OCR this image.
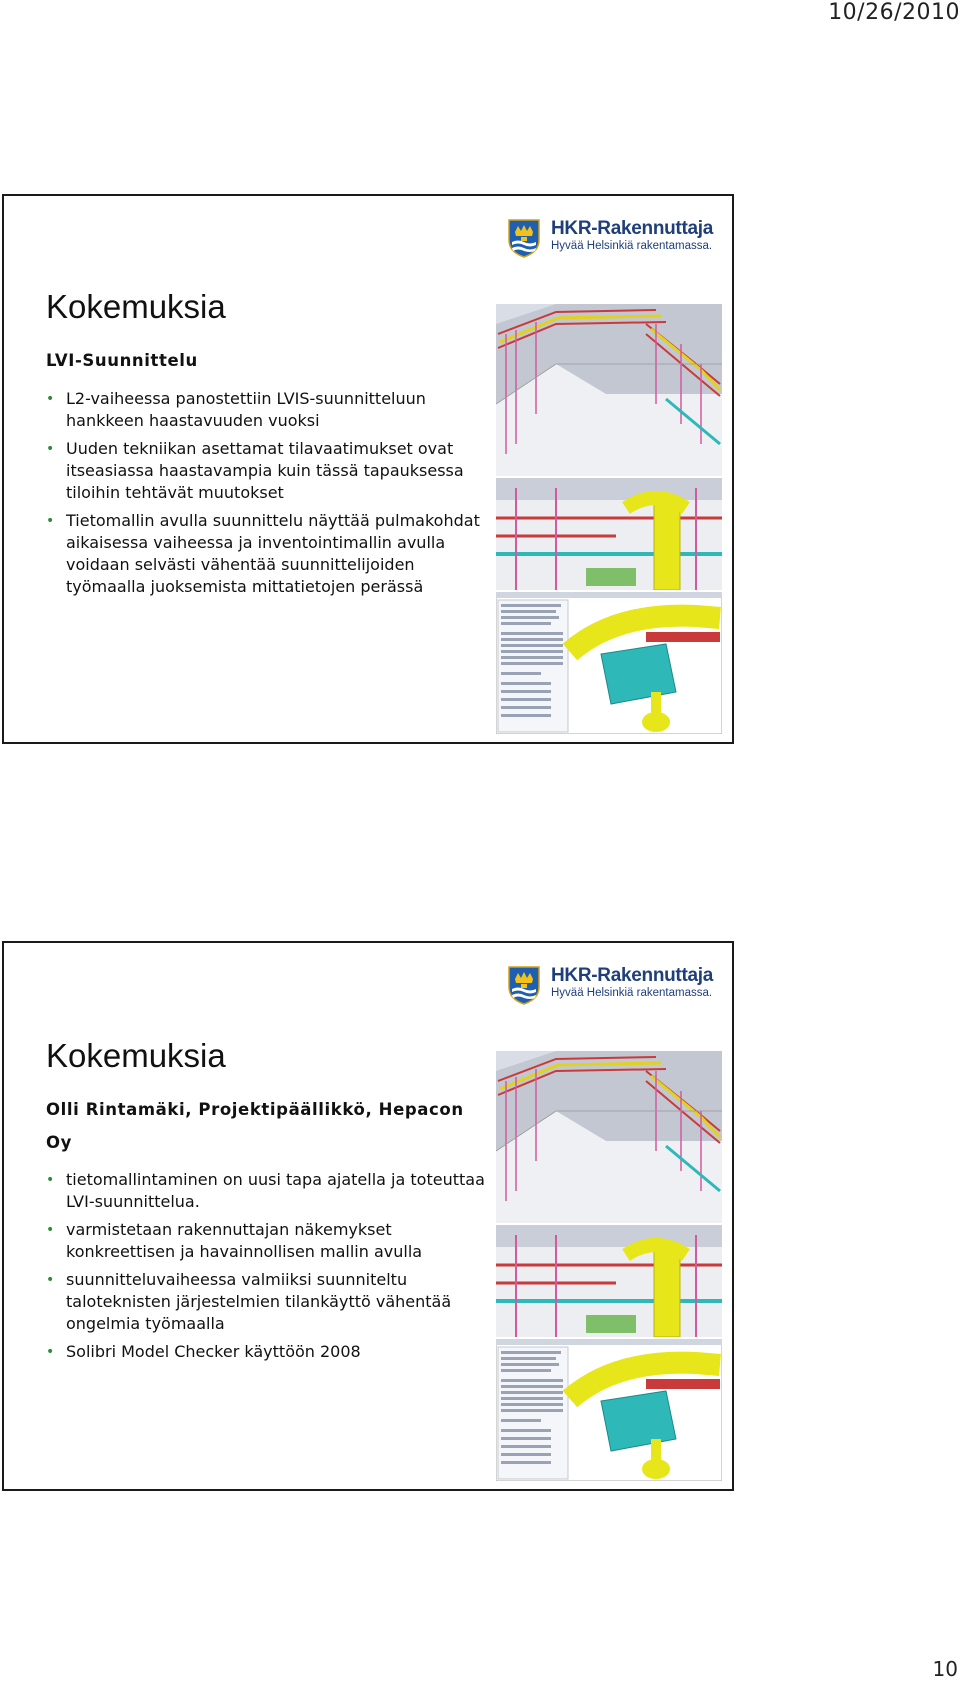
10/26/2010
HKR-Rakennuttaja
Hyvää Helsinkiä rakentamassa.
Kokemuksia
LVI-Suunnittelu
• L2-vaiheessa panostettiin LVIS-suunnitteluun hankkeen haastavuuden vuoksi
• Uuden tekniikan asettamat tilavaatimukset ovat itseasiassa haastavampia kuin tässä tapauksessa tiloihin tehtävät muutokset
• Tietomallin avulla suunnittelu näyttää pulmakohdat aikaisessa vaiheessa ja inventointimallin avulla voidaan selvästi vähentää suunnittelijoiden työmaalla juoksemista mittatietojen perässä
HKR-Rakennuttaja
Hyvää Helsinkiä rakentamassa.
Kokemuksia
Olli Rintamäki, Projektipäällikkö, Hepacon Oy
• tietomallintaminen on uusi tapa ajatella ja toteuttaa LVI-suunnittelua.
• varmistetaan rakennuttajan näkemykset konkreettisen ja havainnollisen mallin avulla
• suunnitteluvaiheessa valmiiksi suunniteltu taloteknisten järjestelmien tilankäyttö vähentää ongelmia työmaalla
• Solibri Model Checker käyttöön 2008
10
